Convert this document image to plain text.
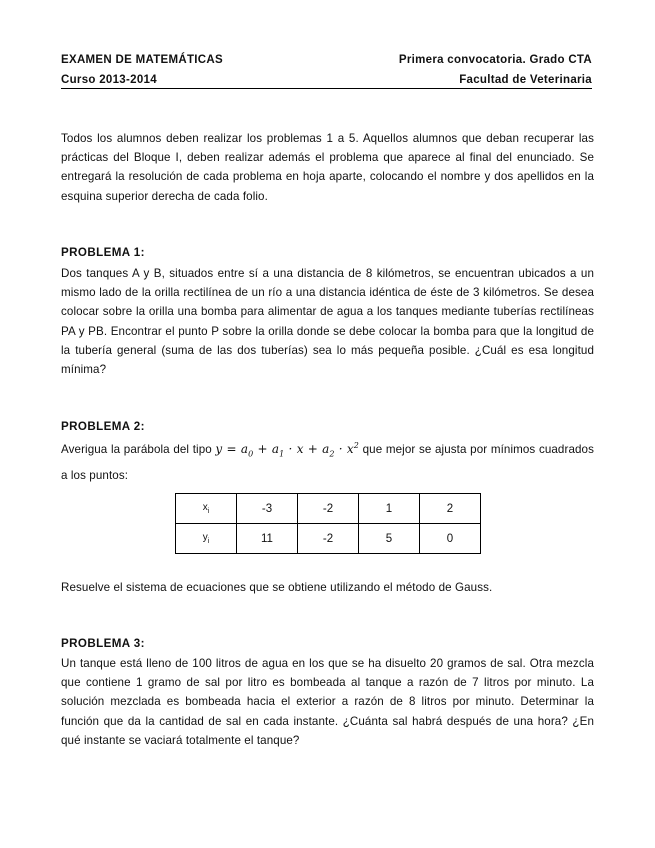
EXAMEN DE MATEMÁTICAS	Primera convocatoria. Grado CTA
Curso 2013-2014	Facultad de Veterinaria

Todos los alumnos deben realizar los problemas 1 a 5. Aquellos alumnos que deban recuperar las prácticas del Bloque I, deben realizar además el problema que aparece al final del enunciado. Se entregará la resolución de cada problema en hoja aparte, colocando el nombre y dos apellidos en la esquina superior derecha de cada folio.

PROBLEMA 1:

Dos tanques A y B, situados entre sí a una distancia de 8 kilómetros, se encuentran ubicados a un mismo lado de la orilla rectilínea de un río a una distancia idéntica de éste de 3 kilómetros. Se desea colocar sobre la orilla una bomba para alimentar de agua a los tanques mediante tuberías rectilíneas PA y PB. Encontrar el punto P sobre la orilla donde se debe colocar la bomba para que la longitud de la tubería general (suma de las dos tuberías) sea lo más pequeña posible. ¿Cuál es esa longitud mínima?

PROBLEMA 2:

Averigua la parábola del tipo $y = a_0 + a_1 \cdot x + a_2 \cdot x^2$ que mejor se ajusta por mínimos cuadrados a los puntos:

$x_i$	-3	-2	1	2
$y_i$	11	-2	5	0

Resuelve el sistema de ecuaciones que se obtiene utilizando el método de Gauss.

PROBLEMA 3:

Un tanque está lleno de 100 litros de agua en los que se ha disuelto 20 gramos de sal. Otra mezcla que contiene 1 gramo de sal por litro es bombeada al tanque a razón de 7 litros por minuto. La solución mezclada es bombeada hacia el exterior a razón de 8 litros por minuto. Determinar la función que da la cantidad de sal en cada instante. ¿Cuánta sal habrá después de una hora? ¿En qué instante se vaciará totalmente el tanque?
